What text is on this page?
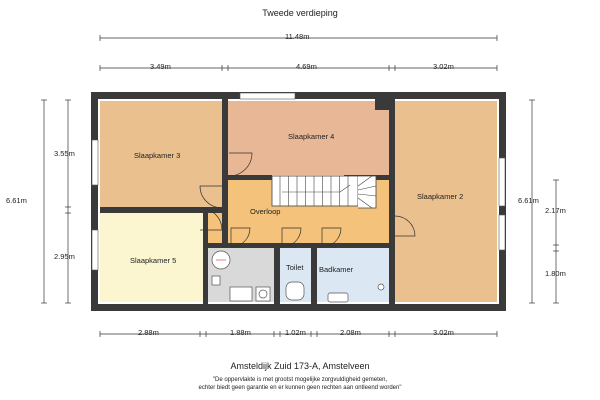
Tweede verdieping
11.48m
3.49m	4.69m	3.02m
2.88m	1.88m	1.02m	2.08m	3.02m
6.61m
3.55m
2.95m
6.61m
2.17m
1.80m
Slaapkamer 3
Slaapkamer 4
Slaapkamer 2
Slaapkamer 5
Overloop
Toilet Badkamer
Amsteldijk Zuid 173-A, Amstelveen
"De oppervlakte is met grootst mogelijke zorgvuldigheid gemeten,
echter biedt geen garantie en er kunnen geen rechten aan ontleend worden"
